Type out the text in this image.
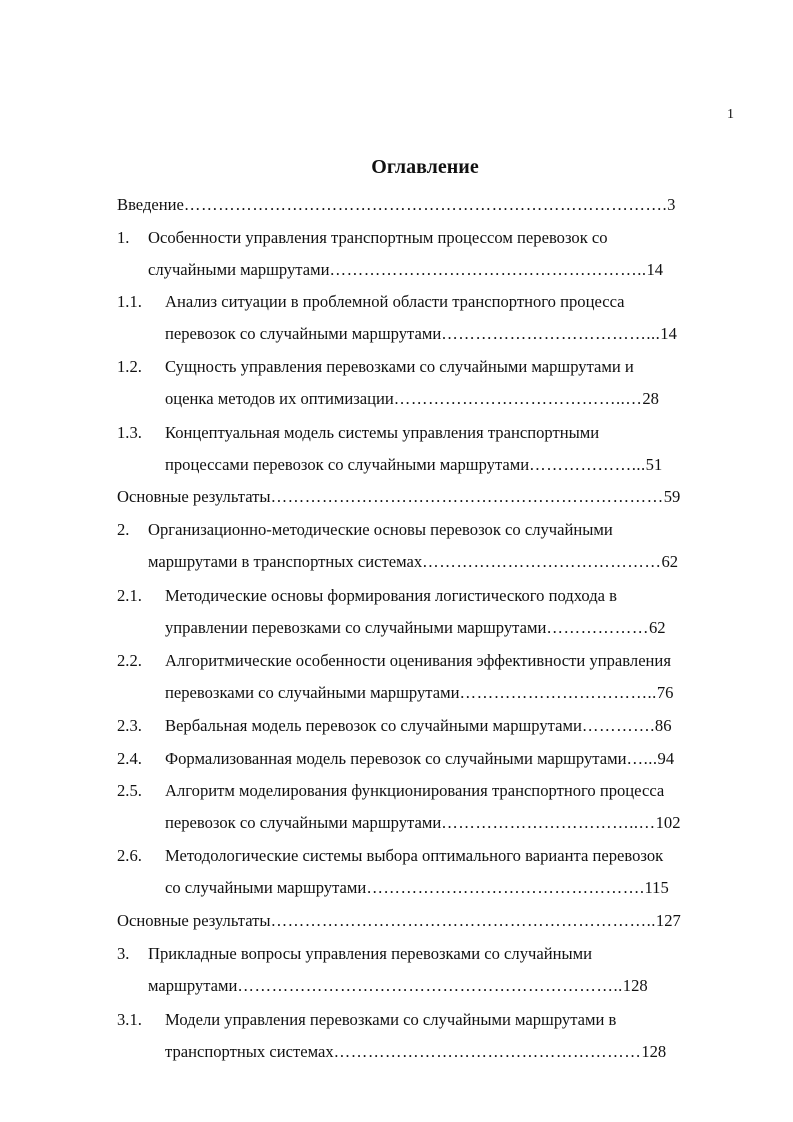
1
Оглавление
Введение………………………………………………………………………….3
1. Особенности управления транспортным процессом перевозок со
случайными маршрутами………………………………………………..14
1.1. Анализ ситуации в проблемной области транспортного процесса
перевозок со случайными маршрутами………………………………...14
1.2. Сущность управления перевозками со случайными маршрутами и
оценка методов их оптимизации…………………………………..…28
1.3. Концептуальная модель системы управления транспортными
процессами перевозок со случайными маршрутами………………...51
Основные результаты……………………………………………………………59
2. Организационно-методические основы перевозок со случайными
маршрутами в транспортных системах……………………………………62
2.1. Методические основы формирования логистического подхода в
управлении перевозками со случайными маршрутами………………62
2.2. Алгоритмические особенности оценивания эффективности управления
перевозками со случайными маршрутами……………………………..76
2.3. Вербальная модель перевозок со случайными маршрутами………….86
2.4. Формализованная модель перевозок со случайными маршрутами…...94
2.5. Алгоритм моделирования функционирования транспортного процесса
перевозок со случайными маршрутами……………………………..…102
2.6. Методологические системы выбора оптимального варианта перевозок
со случайными маршрутами………………………………………….115
Основные результаты…………………………………………………………..127
3. Прикладные вопросы управления перевозками со случайными
маршрутами…………………………………………………………..128
3.1. Модели управления перевозками со случайными маршрутами в
транспортных системах………………………………………………128
